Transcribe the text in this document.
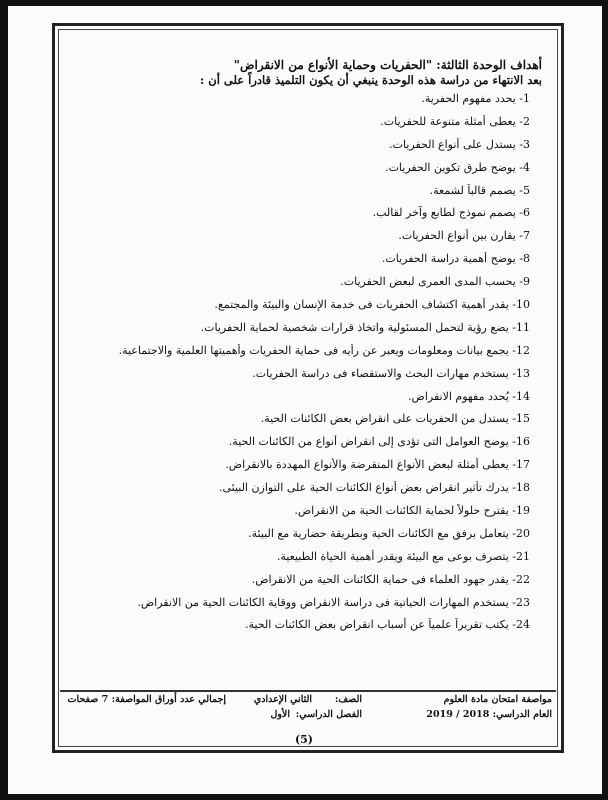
أهداف الوحدة الثالثة: "الحفريات وحماية الأنواع من الانقراض"
بعد الانتهاء من دراسة هذه الوحدة ينبغي أن يكون التلميذ قادراً على أن :
1- يحدد مفهوم الحفرية.
2- يعطى أمثلة متنوعة للحفريات.
3- يستدل على أنواع الحفريات.
4- يوضح طرق تكوين الحفريات.
5- يصمم قالباً لشمعة.
6- يصمم نموذج لطابع وآخر لقالب.
7- يقارن بين أنواع الحفريات.
8- يوضح أهمية دراسة الحفريات.
9- يحسب المدى العمرى لبعض الحفريات.
10- يقدر أهمية اكتشاف الحفريات فى خدمة الإنسان والبيئة والمجتمع.
11- يضع رؤية لتحمل المسئولية واتخاذ قرارات شخصية لحماية الحفريات.
12- يجمع بيانات ومعلومات ويعبر عن رأيه فى حماية الحفريات وأهميتها العلمية والاجتماعية.
13- يستخدم مهارات البحث والاستقصاء فى دراسة الحفريات.
14- يُحدد مفهوم الانقراض.
15- يستدل من الحفريات على انقراض بعض الكائنات الحية.
16- يوضح العوامل التى تؤدى إلى انقراض أنواع من الكائنات الحية.
17- يعطى أمثلة لبعض الأنواع المنقرضة والأنواع المهددة بالانقراض.
18- يدرك تأثير انقراض بعض أنواع الكائنات الحية على التوازن البيئى.
19- يقترح حلولاً لحماية الكائنات الحية من الانقراض.
20- يتعامل برفق مع الكائنات الحية وبطريقة حضارية مع البيئة.
21- يتصرف بوعى مع البيئة ويقدر أهمية الحياة الطبيعية.
22- يقدر جهود العلماء فى حماية الكائنات الحية من الانقراض.
23- يستخدم المهارات الحياتية فى دراسة الانقراض ووقاية الكائنات الحية من الانقراض.
24- يكتب تقريراً علمياً عن أسباب انقراض بعض الكائنات الحية.
مواصفة امتحان مادة العلوم
الصف:
الثاني الإعدادي
إجمالي عدد أوراق المواصفة: 7 صفحات
العام الدراسي: 2018 / 2019
الفصل الدراسي:
الأول
(5)
